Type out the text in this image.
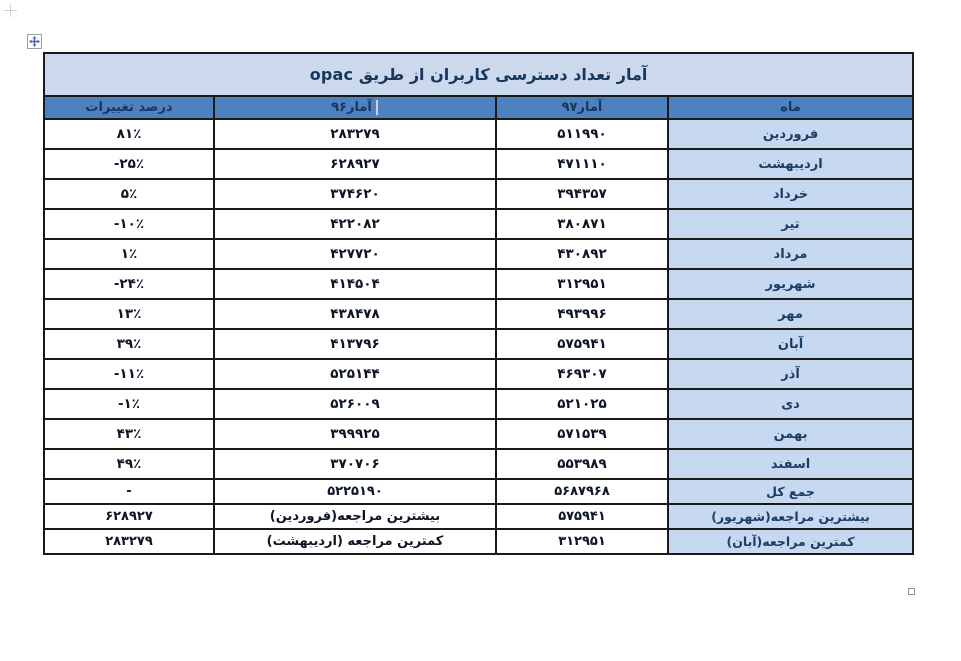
آمار تعداد دسترسی کاربران از طریق opac			
درصد تغییرات	آمار۹۶	آمار۹۷	ماه
۸۱٪	۲۸۳۲۷۹	۵۱۱۹۹۰	فروردین
-۲۵٪	۶۲۸۹۲۷	۴۷۱۱۱۰	اردیبهشت
۵٪	۳۷۴۶۲۰	۳۹۴۳۵۷	خرداد
-۱۰٪	۴۲۲۰۸۲	۳۸۰۸۷۱	تیر
۱٪	۴۲۷۷۲۰	۴۳۰۸۹۲	مرداد
-۲۴٪	۴۱۴۵۰۴	۳۱۲۹۵۱	شهریور
۱۳٪	۴۳۸۴۷۸	۴۹۳۹۹۶	مهر
۳۹٪	۴۱۳۷۹۶	۵۷۵۹۴۱	آبان
-۱۱٪	۵۲۵۱۴۴	۴۶۹۳۰۷	آذر
-۱٪	۵۲۶۰۰۹	۵۲۱۰۲۵	دی
۴۳٪	۳۹۹۹۲۵	۵۷۱۵۳۹	بهمن
۴۹٪	۳۷۰۷۰۶	۵۵۳۹۸۹	اسفند
-	۵۲۲۵۱۹۰	۵۶۸۷۹۶۸	جمع کل
۶۲۸۹۲۷	بیشترین مراجعه(فروردین)	۵۷۵۹۴۱	بیشترین مراجعه(شهریور)
۲۸۳۲۷۹	کمترین مراجعه (اردیبهشت)	۳۱۲۹۵۱	کمترین مراجعه(آبان)
